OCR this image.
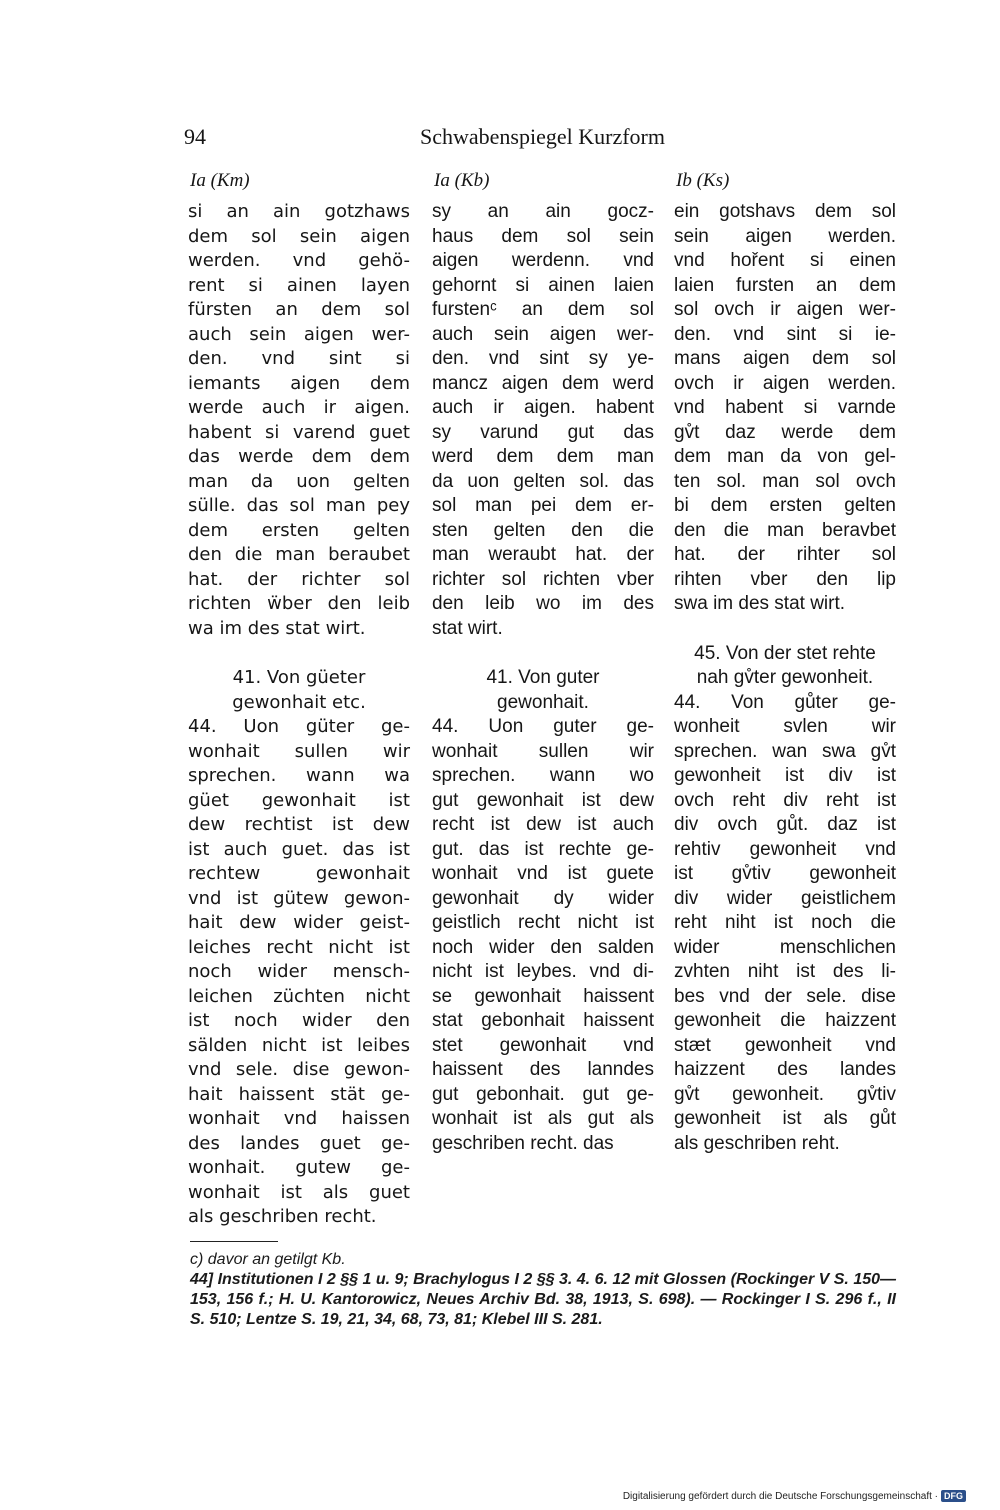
94	Schwabenspiegel Kurzform
Ia (Km)

si an ain gotzhaws

dem sol sein aigen

werden. vnd gehö-

rent si ainen layen

fürsten an dem sol

auch sein aigen wer-

den. vnd sint si

iemants aigen dem

werde auch ir aigen.

habent si varend guet

das werde dem dem

man da uon gelten

sülle. das sol man pey

dem ersten gelten

den die man beraubet

hat. der richter sol

richten ẅber den leib

wa im des stat wirt.

41. Von güeter

gewonhait etc.

44. Uon güter ge-

wonhait sullen wir

sprechen. wann wa

güet gewonhait ist

dew rechtist ist dew

ist auch guet. das ist

rechtew gewonhait

vnd ist gütew gewon-

hait dew wider geist-

leiches recht nicht ist

noch wider mensch-

leichen züchten nicht

ist noch wider den

sälden nicht ist leibes

vnd sele. dise gewon-

hait haissent stät ge-

wonhait vnd haissen

des landes guet ge-

wonhait. gutew ge-

wonhait ist als guet

als geschriben recht.

Ia (Kb)

sy an ain gocz-

haus dem sol sein

aigen werdenn. vnd

gehornt si ainen laien

furstenᶜ an dem sol

auch sein aigen wer-

den. vnd sint sy ye-

mancz aigen dem werd

auch ir aigen. habent

sy varund gut das

werd dem dem man

da uon gelten sol. das

sol man pei dem er-

sten gelten den die

man weraubt hat. der

richter sol richten vber

den leib wo im des

stat wirt.

41. Von guter

gewonhait.

44. Uon guter ge-

wonhait sullen wir

sprechen. wann wo

gut gewonhait ist dew

recht ist dew ist auch

gut. das ist rechte ge-

wonhait vnd ist guete

gewonhait dy wider

geistlich recht nicht ist

noch wider den salden

nicht ist leybes. vnd di-

se gewonhait haissent

stat gebonhait haissent

stet gewonhait vnd

haissent des lanndes

gut gebonhait. gut ge-

wonhait ist als gut als

geschriben recht. das

Ib (Ks)

ein gotshavs dem sol

sein aigen werden.

vnd hořent si einen

laien fursten an dem

sol ovch ir aigen wer-

den. vnd sint si ie-

mans aigen dem sol

ovch ir aigen werden.

vnd habent si varnde

gv̊t daz werde dem

dem man da von gel-

ten sol. man sol ovch

bi dem ersten gelten

den die man beravbet

hat. der rihter sol

rihten vber den lip

swa im des stat wirt.

45. Von der stet rehte

nah gv̊ter gewonheit.

44. Von gůter ge-

wonheit svlen wir

sprechen. wan swa gv̊t

gewonheit ist div ist

ovch reht div reht ist

div ovch gůt. daz ist

rehtiv gewonheit vnd

ist gv̊tiv gewonheit

div wider geistlichem

reht niht ist noch die

wider menschlichen

zvhten niht ist des li-

bes vnd der sele. dise

gewonheit die haizzent

stæt gewonheit vnd

haizzent des landes

gv̊t gewonheit. gv̊tiv

gewonheit ist als gůt

als geschriben reht.

c) davor an getilgt Kb.

44] Institutionen I 2 §§ 1 u. 9; Brachylogus I 2 §§ 3. 4. 6. 12 mit Glossen (Rockinger V S. 150—153, 156 f.; H. U. Kantorowicz, Neues Archiv Bd. 38, 1913, S. 698). — Rockinger I S. 296 f., II S. 510; Lentze S. 19, 21, 34, 68, 73, 81; Klebel III S. 281.

Digitalisierung gefördert durch die Deutsche Forschungsgemeinschaft · DFG
